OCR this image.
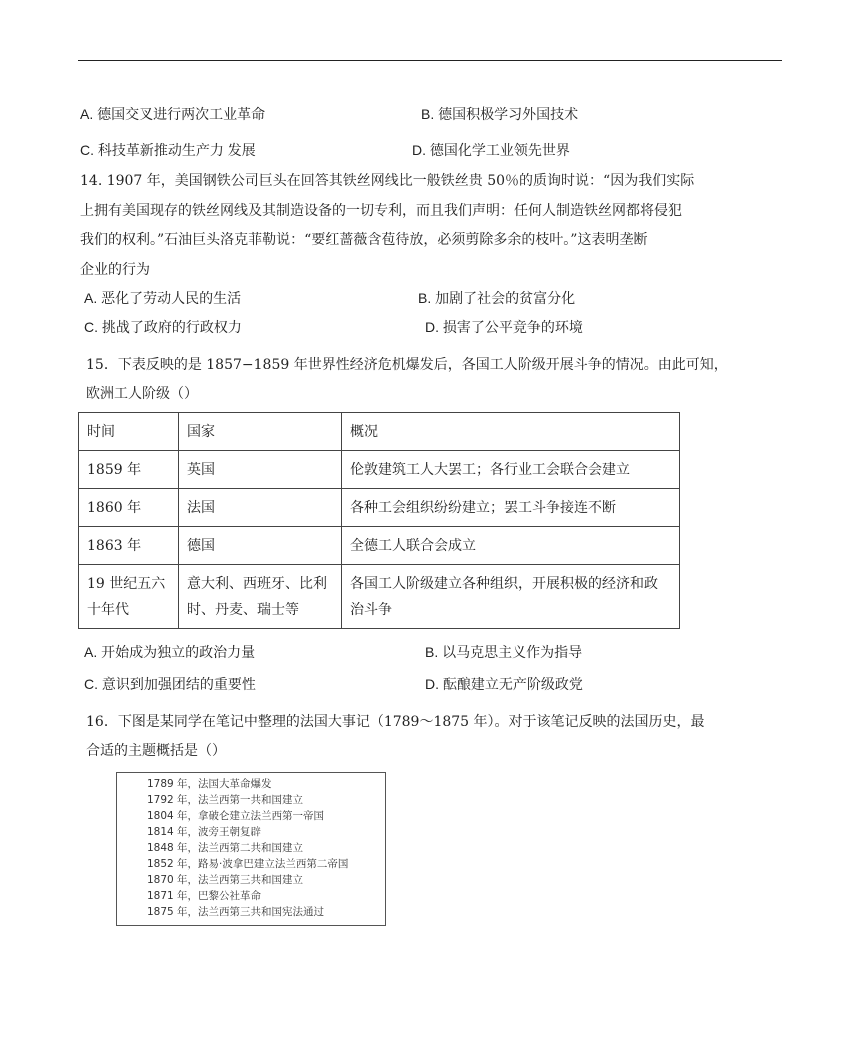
A. 德国交叉进行两次工业革命	B. 德国积极学习外国技术
C. 科技革新推动生产力 发展	D. 德国化学工业领先世界
14. 1907 年，美国钢铁公司巨头在回答其铁丝网线比一般铁丝贵 50％的质询时说：“因为我们实际
上拥有美国现存的铁丝网线及其制造设备的一切专利，而且我们声明：任何人制造铁丝网都将侵犯
我们的权利。”石油巨头洛克菲勒说：“要红蔷薇含苞待放，必须剪除多余的枝叶。”这表明垄断
企业的行为
A. 恶化了劳动人民的生活	B. 加剧了社会的贫富分化
C. 挑战了政府的行政权力	D. 损害了公平竞争的环境
15．下表反映的是 1857−1859 年世界性经济危机爆发后，各国工人阶级开展斗争的情况。由此可知，
欧洲工人阶级（）
时间	国家	概况
1859 年	英国	伦敦建筑工人大罢工；各行业工会联合会建立
1860 年	法国	各种工会组织纷纷建立；罢工斗争接连不断
1863 年	德国	全德工人联合会成立
19 世纪五六十年代	意大利、西班牙、比利时、丹麦、瑞士等	各国工人阶级建立各种组织，开展积极的经济和政治斗争
A. 开始成为独立的政治力量	B. 以马克思主义作为指导
C. 意识到加强团结的重要性	D. 酝酿建立无产阶级政党
16．下图是某同学在笔记中整理的法国大事记（1789～1875 年）。对于该笔记反映的法国历史，最
合适的主题概括是（）
1789 年，法国大革命爆发
1792 年，法兰西第一共和国建立
1804 年，拿破仑建立法兰西第一帝国
1814 年，波旁王朝复辟
1848 年，法兰西第二共和国建立
1852 年，路易·波拿巴建立法兰西第二帝国
1870 年，法兰西第三共和国建立
1871 年，巴黎公社革命
1875 年，法兰西第三共和国宪法通过
